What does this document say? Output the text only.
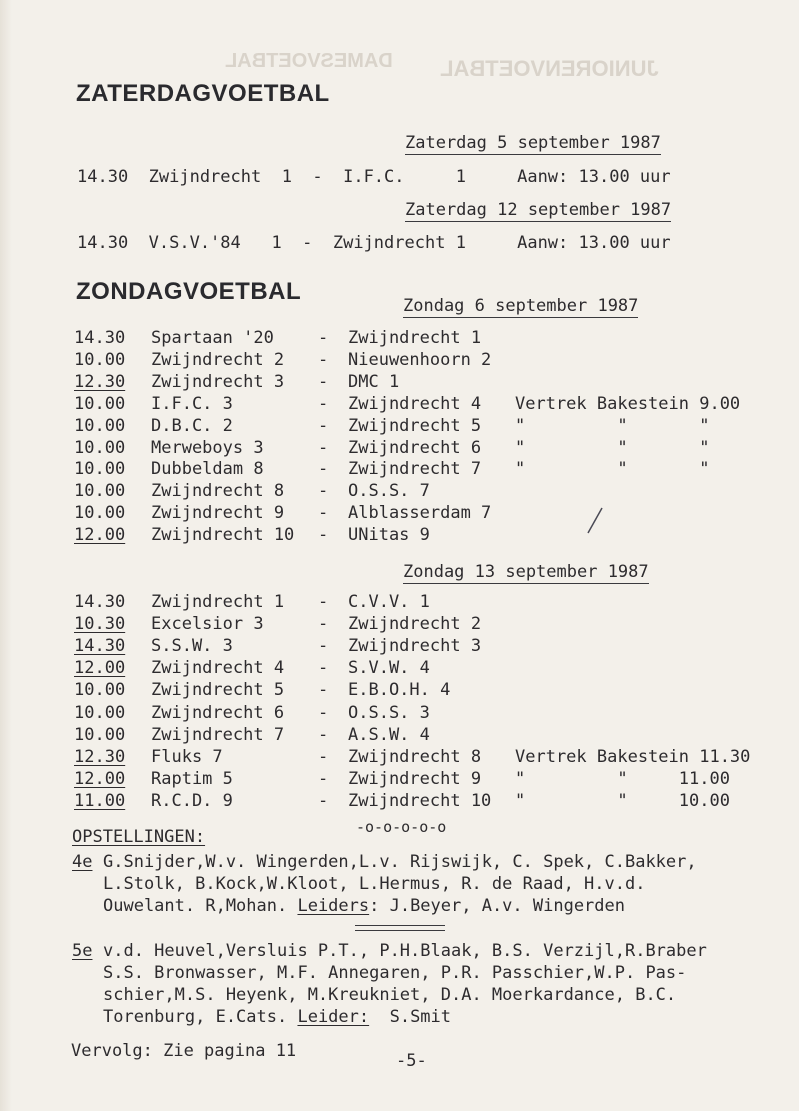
JUNIORENVOETBAL
DAMESVOETBAL
ZATERDAGVOETBAL
Zaterdag 5 september 1987
14.30  Zwijndrecht  1  -  I.F.C.     1     Aanw: 13.00 uur
Zaterdag 12 september 1987
14.30  V.S.V.'84   1  -  Zwijndrecht 1     Aanw: 13.00 uur
ZONDAGVOETBAL
Zondag 6 september 1987
14.30 Spartaan '20	- Zwijndrecht 1
10.00 Zwijndrecht 2 - Nieuwenhoorn 2
12.30 Zwijndrecht 3 - DMC 1
10.00 I.F.C. 3	- Zwijndrecht 4 Vertrek Bakestein 9.00
10.00 D.B.C. 2	- Zwijndrecht 5 "         "       "
10.00 Merweboys 3	- Zwijndrecht 6 "         "       "
10.00 Dubbeldam 8	- Zwijndrecht 7 "         "       "
10.00 Zwijndrecht 8 - O.S.S. 7
10.00 Zwijndrecht 9 - Alblasserdam 7
12.00 Zwijndrecht 10 - UNitas 9
Zondag 13 september 1987
14.30 Zwijndrecht 1 - C.V.V. 1
10.30 Excelsior 3	- Zwijndrecht 2
14.30 S.S.W. 3	- Zwijndrecht 3
12.00 Zwijndrecht 4 - S.V.W. 4
10.00 Zwijndrecht 5 - E.B.O.H. 4
10.00 Zwijndrecht 6 - O.S.S. 3
10.00 Zwijndrecht 7 - A.S.W. 4
12.30 Fluks 7	- Zwijndrecht 8 Vertrek Bakestein 11.30
12.00 Raptim 5	- Zwijndrecht 9 "         "     11.00
11.00 R.C.D. 9	- Zwijndrecht 10 "         "     10.00
-o-o-o-o-o
OPSTELLINGEN:
4e G.Snijder,W.v. Wingerden,L.v. Rijswijk, C. Spek, C.Bakker,
L.Stolk, B.Kock,W.Kloot, L.Hermus, R. de Raad, H.v.d.
Ouwelant. R,Mohan. Leiders: J.Beyer, A.v. Wingerden
5e v.d. Heuvel,Versluis P.T., P.H.Blaak, B.S. Verzijl,R.Braber
S.S. Bronwasser, M.F. Annegaren, P.R. Passchier,W.P. Pas-
schier,M.S. Heyenk, M.Kreukniet, D.A. Moerkardance, B.C.
Torenburg, E.Cats. Leider:  S.Smit
Vervolg: Zie pagina 11	-5-
